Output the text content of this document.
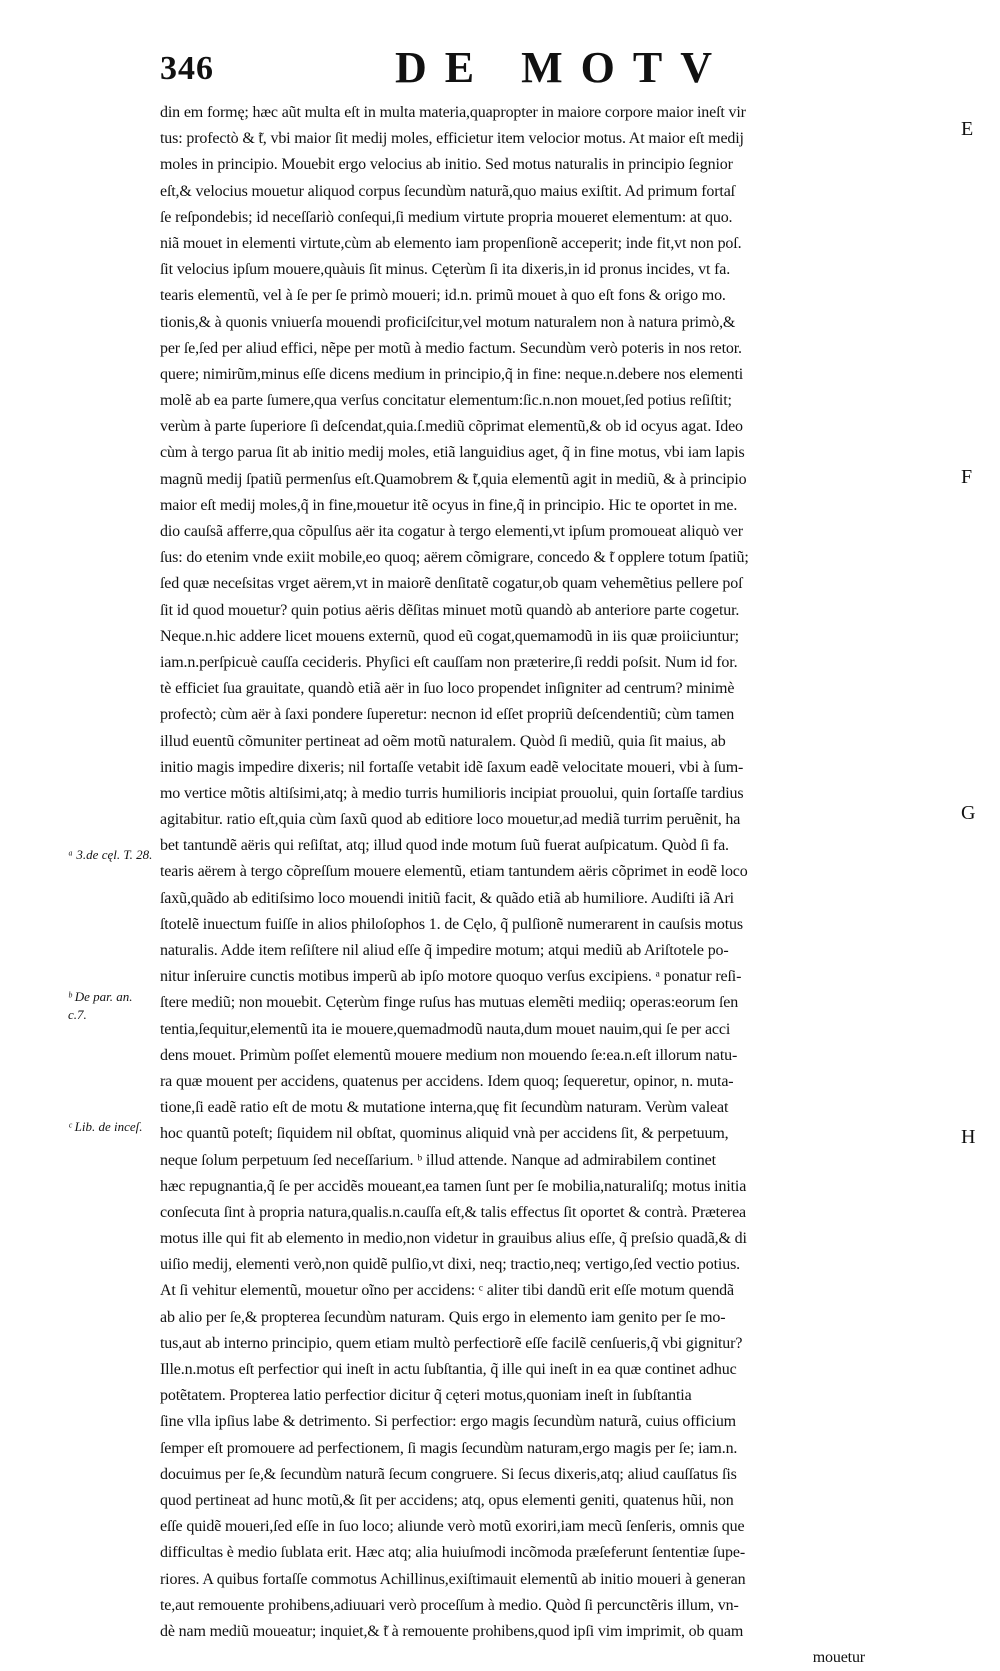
346	DE MOTV
din em formę; hæc aũt multa eſt in multa materia,quapropter in maiore corpore maior ineſt vir
tus: profectò & ̃t, vbi maior ſit medij moles, efficietur item velocior motus. At maior eſt medij
moles in principio. Mouebit ergo velocius ab initio. Sed motus naturalis in principio ſegnior
eſt,& velocius mouetur aliquod corpus ſecundùm naturã,quo maius exiſtit. Ad primum fortaſ
ſe reſpondebis; id neceſſariò conſequi,ſi medium virtute propria moueret elementum: at quo.
niã mouet in elementi virtute,cùm ab elemento iam propenſionẽ acceperit; inde fit,vt non poſ.
ſit velocius ipſum mouere,quàuis ſit minus. Cęterùm ſi ita dixeris,in id pronus incides, vt fa.
tearis elementũ, vel à ſe per ſe primò moueri; id.n. primũ mouet à quo eſt fons & origo mo.
tionis,& à quonis vniuerſa mouendi proficiſcitur,vel motum naturalem non à natura primò,&
per ſe,ſed per aliud effici, nẽpe per motũ à medio factum. Secundùm verò poteris in nos retor.
quere; nimirũm,minus eſſe dicens medium in principio,q̃ in fine: neque.n.debere nos elementi
molẽ ab ea parte ſumere,qua verſus concitatur elementum:ſic.n.non mouet,ſed potius reſiſtit;
verùm à parte ſuperiore ſi deſcendat,quia.ſ.mediũ cõprimat elementũ,& ob id ocyus agat. Ideo
cùm à tergo parua ſit ab initio medij moles, etiã languidius aget, q̃ in fine motus, vbi iam lapis
magnũ medij ſpatiũ permenſus eſt.Quamobrem & ̃t,quia elementũ agit in mediũ, & à principio
maior eſt medij moles,q̃ in fine,mouetur itẽ ocyus in fine,q̃ in principio. Hic te oportet in me.
dio cauſsã afferre,qua cõpulſus aër ita cogatur à tergo elementi,vt ipſum promoueat aliquò ver
ſus: do etenim vnde exiit mobile,eo quoq; aërem cõmigrare, concedo & ̃t opplere totum ſpatiũ;
ſed quæ neceſsitas vrget aërem,vt in maiorẽ denſitatẽ cogatur,ob quam vehemẽtius pellere poſ
ſit id quod mouetur? quin potius aëris dẽſitas minuet motũ quandò ab anteriore parte cogetur.
Neque.n.hic addere licet mouens externũ, quod eũ cogat,quemamodũ in iis quæ proiiciuntur;
iam.n.perſpicuè cauſſa cecideris. Phyſici eſt cauſſam non præterire,ſi reddi poſsit. Num id for.
tè efficiet ſua grauitate, quandò etiã aër in ſuo loco propendet inſigniter ad centrum? minimè
profectò; cùm aër à ſaxi pondere ſuperetur: necnon id eſſet propriũ deſcendentiũ; cùm tamen
illud euentũ cõmuniter pertineat ad oẽm motũ naturalem. Quòd ſi mediũ, quia ſit maius, ab
initio magis impedire dixeris; nil fortaſſe vetabit idẽ ſaxum eadẽ velocitate moueri, vbi à ſum-
mo vertice mõtis altiſsimi,atq; à medio turris humilioris incipiat prouolui, quin ſortaſſe tardius
agitabitur. ratio eſt,quia cùm ſaxũ quod ab editiore loco mouetur,ad mediã turrim peruẽnit, ha
bet tantundẽ aëris qui reſiſtat, atq; illud quod inde motum ſuũ fuerat auſpicatum. Quòd ſi fa.
tearis aërem à tergo cõpreſſum mouere elementũ, etiam tantundem aëris cõprimet in eodẽ loco
ſaxũ,quãdo ab editiſsimo loco mouendi initiũ facit, & quãdo etiã ab humiliore. Audiſti iã Ari
ſtotelẽ inuectum fuiſſe in alios philoſophos 1. de Cęlo, q̃ pulſionẽ numerarent in cauſsis motus
naturalis. Adde item reſiſtere nil aliud eſſe q̃ impedire motum; atqui mediũ ab Ariſtotele po-
nitur inſeruire cunctis motibus imperũ ab ipſo motore quoquo verſus excipiens. ᵃ ponatur reſi-
ſtere mediũ; non mouebit. Cęterùm finge ruſus has mutuas elemẽti mediiq; operas:eorum ſen
tentia,ſequitur,elementũ ita ie mouere,quemadmodũ nauta,dum mouet nauim,qui ſe per acci
dens mouet. Primùm poſſet elementũ mouere medium non mouendo ſe:ea.n.eſt illorum natu-
ra quæ mouent per accidens, quatenus per accidens. Idem quoq; ſequeretur, opinor, n. muta-
tione,ſi eadẽ ratio eſt de motu & mutatione interna,quę fit ſecundùm naturam. Verùm valeat
hoc quantũ poteſt; ſiquidem nil obſtat, quominus aliquid vnà per accidens ſit, & perpetuum,
neque ſolum perpetuum ſed neceſſarium. ᵇ illud attende. Nanque ad admirabilem continet
hæc repugnantia,q̃ ſe per accidẽs moueant,ea tamen ſunt per ſe mobilia,naturaliſq; motus initia
conſecuta ſint à propria natura,qualis.n.cauſſa eſt,& talis effectus ſit oportet & contrà. Præterea
motus ille qui fit ab elemento in medio,non videtur in grauibus alius eſſe, q̃ preſsio quadã,& di
uiſio medij, elementi verò,non quidẽ pulſio,vt dixi, neq; tractio,neq; vertigo,ſed vectio potius.
At ſi vehitur elementũ, mouetur oĩno per accidens: ᶜ aliter tibi dandũ erit eſſe motum quendã
ab alio per ſe,& propterea ſecundùm naturam. Quis ergo in elemento iam genito per ſe mo-
tus,aut ab interno principio, quem etiam multò perfectiorẽ eſſe facilẽ cenſueris,q̃ vbi gignitur?
Ille.n.motus eſt perfectior qui ineſt in actu ſubſtantia, q̃ ille qui ineſt in ea quæ continet adhuc
potẽtatem. Propterea latio perfectior dicitur q̃ cęteri motus,quoniam ineſt in ſubſtantia
ſine vlla ipſius labe & detrimento. Si perfectior: ergo magis ſecundùm naturã, cuius officium
ſemper eſt promouere ad perfectionem, ſi magis ſecundùm naturam,ergo magis per ſe; iam.n.
docuimus per ſe,& ſecundùm naturã ſecum congruere. Si ſecus dixeris,atq; aliud cauſſatus ſis
quod pertineat ad hunc motũ,& ſit per accidens; atq, opus elementi geniti, quatenus hũi, non
eſſe quidẽ moueri,ſed eſſe in ſuo loco; aliunde verò motũ exoriri,iam mecũ ſenſeris, omnis que
difficultas è medio ſublata erit. Hæc atq; alia huiuſmodi incõmoda præſeferunt ſententiæ ſupe-
riores. A quibus fortaſſe commotus Achillinus,exiſtimauit elementũ ab initio moueri à generan
te,aut remouente prohibens,adiuuari verò proceſſum à medio. Quòd ſi percunctẽris illum, vn-
dè nam mediũ moueatur; inquiet,& ̃t à remouente prohibens,quod ipſi vim imprimit, ob quam
mouetur
E
F
G
H
ᵃ 3.de cęl. T. 28.
ᵇ De par. an. c.7.
ᶜ Lib. de inceſ.
